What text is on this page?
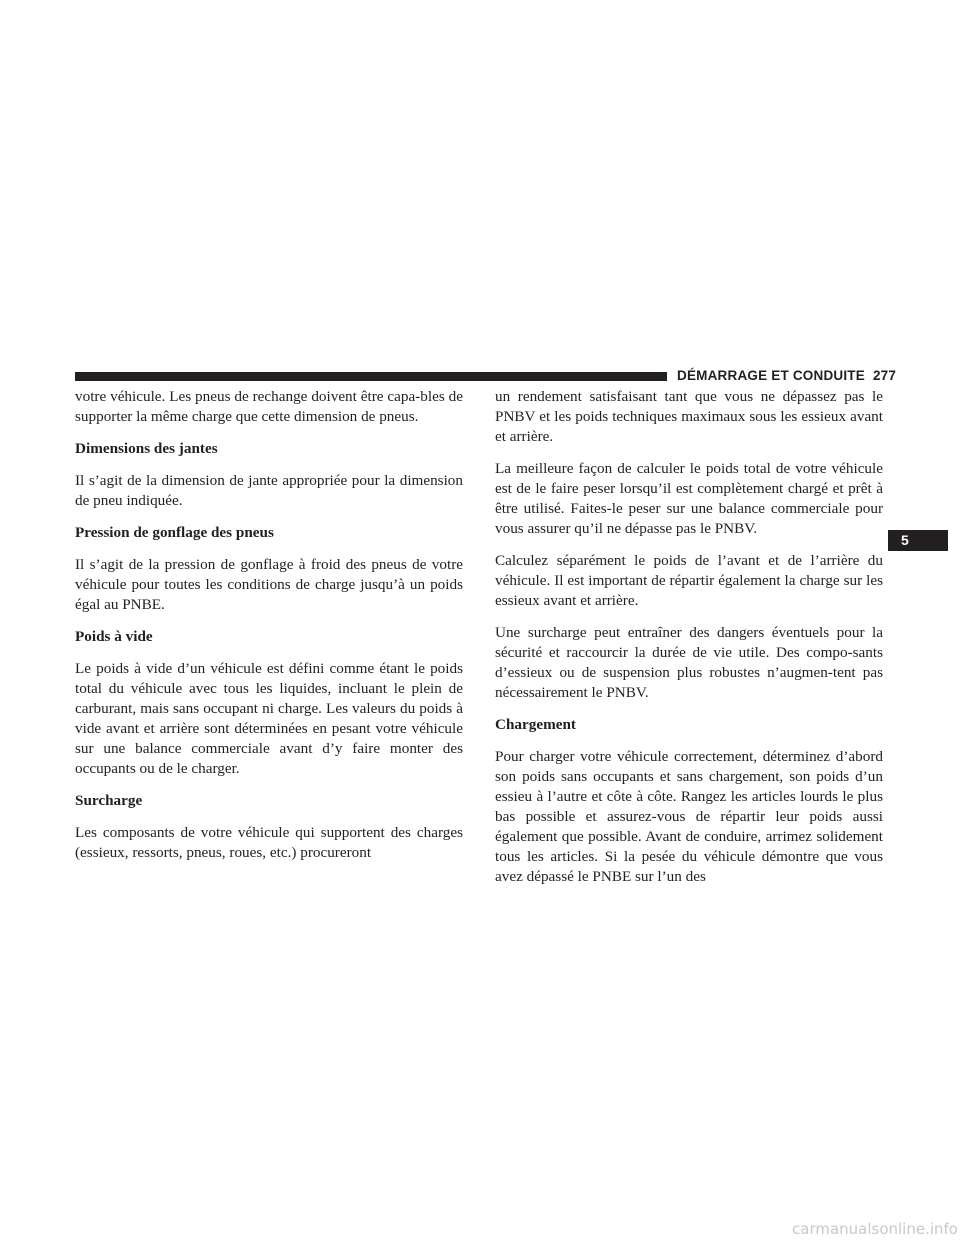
DÉMARRAGE ET CONDUITE 277
5

votre véhicule. Les pneus de rechange doivent être capa-bles de supporter la même charge que cette dimension de pneus.

Dimensions des jantes

Il s’agit de la dimension de jante appropriée pour la dimension de pneu indiquée.

Pression de gonflage des pneus

Il s’agit de la pression de gonflage à froid des pneus de votre véhicule pour toutes les conditions de charge jusqu’à un poids égal au PNBE.

Poids à vide

Le poids à vide d’un véhicule est défini comme étant le poids total du véhicule avec tous les liquides, incluant le plein de carburant, mais sans occupant ni charge. Les valeurs du poids à vide avant et arrière sont déterminées en pesant votre véhicule sur une balance commerciale avant d’y faire monter des occupants ou de le charger.

Surcharge

Les composants de votre véhicule qui supportent des charges (essieux, ressorts, pneus, roues, etc.) procureront

un rendement satisfaisant tant que vous ne dépassez pas le PNBV et les poids techniques maximaux sous les essieux avant et arrière.

La meilleure façon de calculer le poids total de votre véhicule est de le faire peser lorsqu’il est complètement chargé et prêt à être utilisé. Faites-le peser sur une balance commerciale pour vous assurer qu’il ne dépasse pas le PNBV.

Calculez séparément le poids de l’avant et de l’arrière du véhicule. Il est important de répartir également la charge sur les essieux avant et arrière.

Une surcharge peut entraîner des dangers éventuels pour la sécurité et raccourcir la durée de vie utile. Des compo-sants d’essieux ou de suspension plus robustes n’augmen-tent pas nécessairement le PNBV.

Chargement

Pour charger votre véhicule correctement, déterminez d’abord son poids sans occupants et sans chargement, son poids d’un essieu à l’autre et côte à côte. Rangez les articles lourds le plus bas possible et assurez-vous de répartir leur poids aussi également que possible. Avant de conduire, arrimez solidement tous les articles. Si la pesée du véhicule démontre que vous avez dépassé le PNBE sur l’un des

carmanualsonline.info
